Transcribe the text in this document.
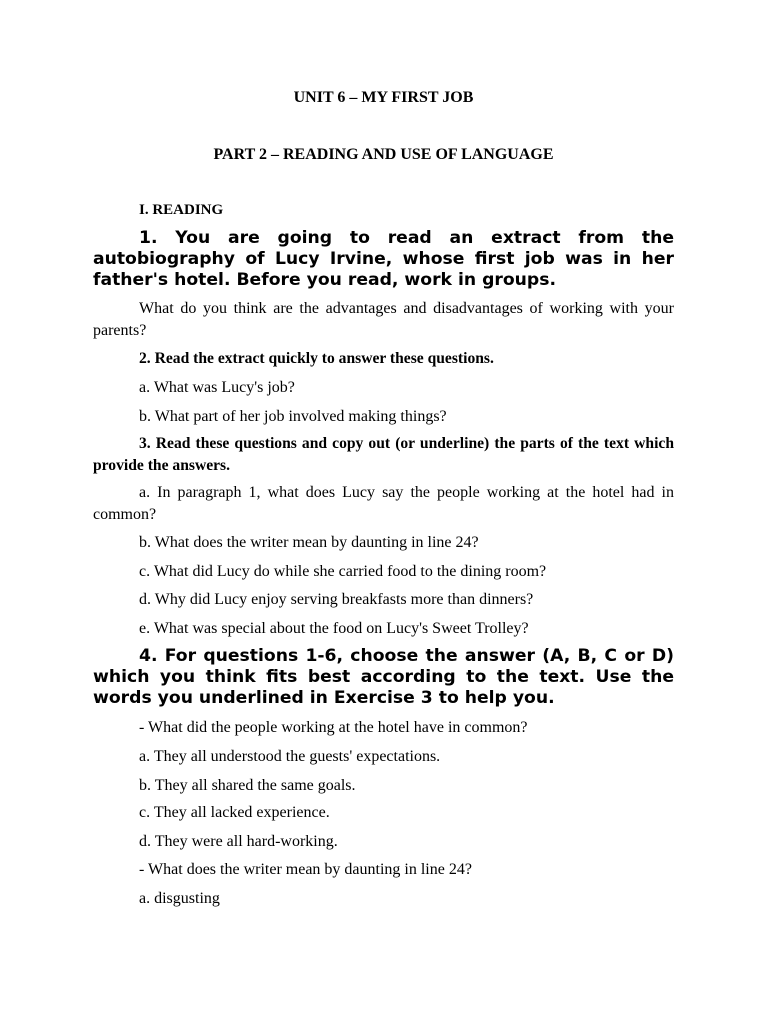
UNIT 6 – MY FIRST JOB
PART 2 – READING AND USE OF LANGUAGE
I. READING

1. You are going to read an extract from the autobiography of Lucy Irvine, whose first job was in her father's hotel. Before you read, work in groups.

What do you think are the advantages and disadvantages of working with your parents?

2. Read the extract quickly to answer these questions.

a. What was Lucy's job?
b. What part of her job involved making things?

3. Read these questions and copy out (or underline) the parts of the text which provide the answers.

a. In paragraph 1, what does Lucy say the people working at the hotel had in common?

b. What does the writer mean by daunting in line 24?
c. What did Lucy do while she carried food to the dining room?
d. Why did Lucy enjoy serving breakfasts more than dinners?
e. What was special about the food on Lucy's Sweet Trolley?

4. For questions 1-6, choose the answer (A, B, C or D) which you think fits best according to the text. Use the words you underlined in Exercise 3 to help you.

- What did the people working at the hotel have in common?
a. They all understood the guests' expectations.
b. They all shared the same goals.
c. They all lacked experience.
d. They were all hard-working.
- What does the writer mean by daunting in line 24?
a. disgusting
